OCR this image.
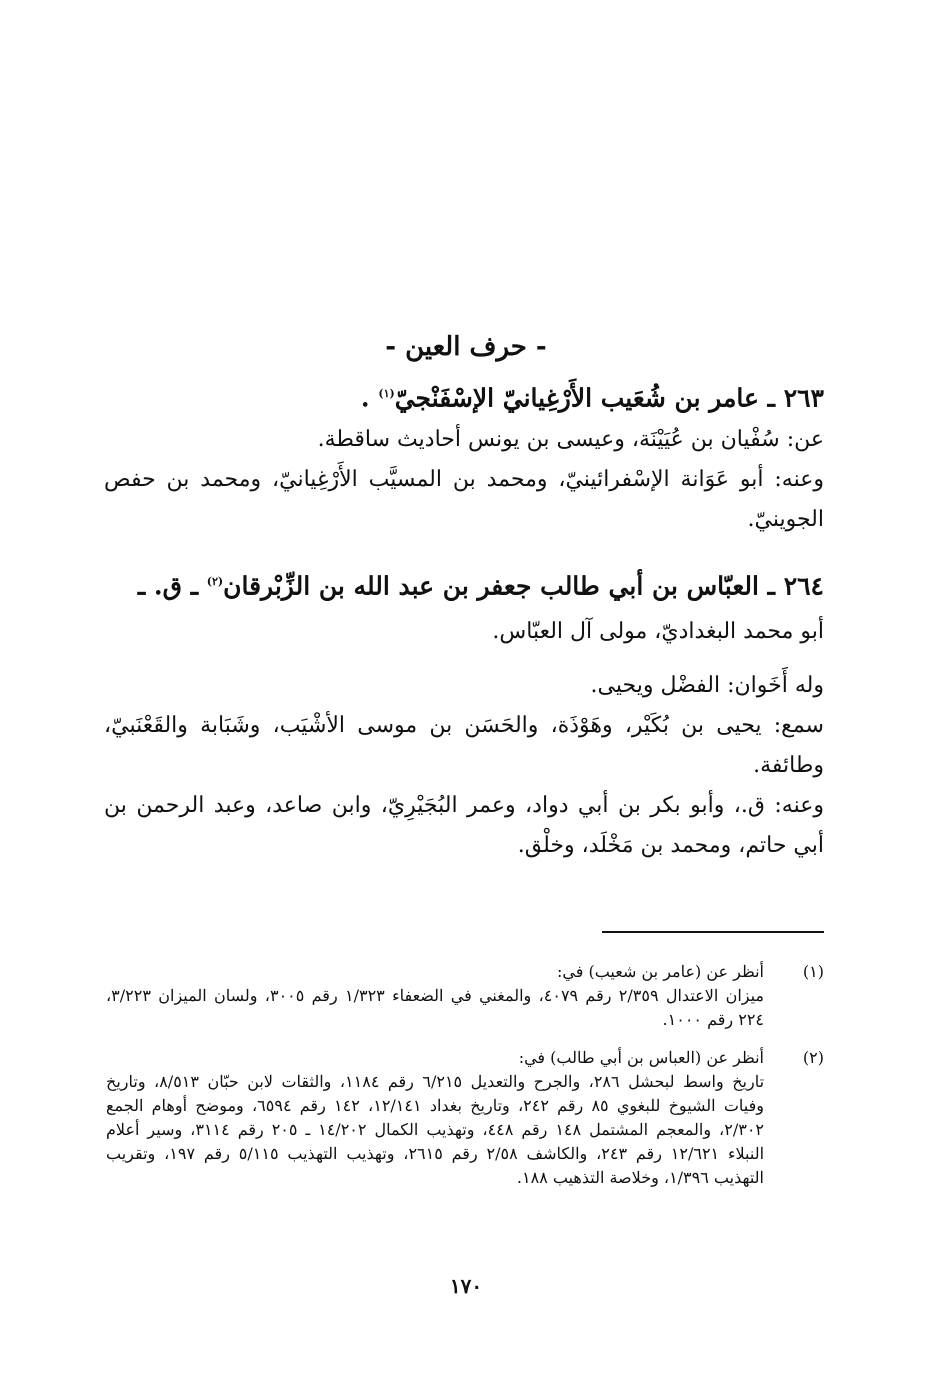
- حرف العين -
٢٦٣ ـ عامر بن شُعَيب الأَرْغِيانيّ الإسْفَنْجيّ$^{(١)}$ .
عن: سُفْيان بن عُيَيْنَة، وعيسى بن يونس أحاديث ساقطة.
وعنه: أبو عَوَانة الإسْفرائينيّ، ومحمد بن المسيَّب الأَرْغِيانيّ، ومحمد بن حفص الجوينيّ.
٢٦٤ ـ العبّاس بن أبي طالب جعفر بن عبد الله بن الزِّبْرقان$^{(٢)}$ ـ ق. ـ
أبو محمد البغداديّ، مولى آل العبّاس.
وله أَخَوان: الفضْل ويحيى.
سمع: يحيى بن بُكَيْر، وهَوْذَة، والحَسَن بن موسى الأشْيَب، وشَبَابة والقَعْنَبيّ، وطائفة.
وعنه: ق.، وأبو بكر بن أبي دواد، وعمر البُجَيْرِيّ، وابن صاعد، وعبد الرحمن بن أبي حاتم، ومحمد بن مَخْلَد، وخلْق.
(١)
أنظر عن (عامر بن شعيب) في:
ميزان الاعتدال ٢/٣٥٩ رقم ٤٠٧٩، والمغني في الضعفاء ١/٣٢٣ رقم ٣٠٠٥، ولسان الميزان ٣/٢٢٣، ٢٢٤ رقم ١٠٠٠.
(٢)
أنظر عن (العباس بن أبي طالب) في:
تاريخ واسط لبحشل ٢٨٦، والجرح والتعديل ٦/٢١٥ رقم ١١٨٤، والثقات لابن حبّان ٨/٥١٣، وتاريخ وفيات الشيوخ للبغوي ٨٥ رقم ٢٤٢، وتاريخ بغداد ١٢/١٤١، ١٤٢ رقم ٦٥٩٤، وموضح أوهام الجمع ٢/٣٠٢، والمعجم المشتمل ١٤٨ رقم ٤٤٨، وتهذيب الكمال ١٤/٢٠٢ ـ ٢٠٥ رقم ٣١١٤، وسير أعلام النبلاء ١٢/٦٢١ رقم ٢٤٣، والكاشف ٢/٥٨ رقم ٢٦١٥، وتهذيب التهذيب ٥/١١٥ رقم ١٩٧، وتقريب التهذيب ١/٣٩٦، وخلاصة التذهيب ١٨٨.
١٧٠
